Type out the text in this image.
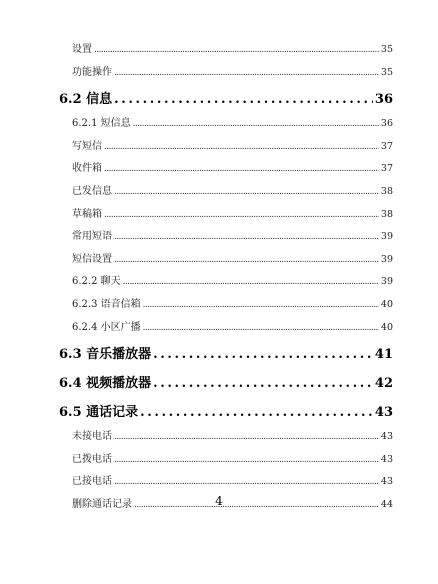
设置 .....	35
功能操作 .....	35
6.2 信息 .....	36
6.2.1 短信息 .....	36
写短信 .....	37
收件箱 .....	37
已发信息 .....	38
草稿箱 .....	38
常用短语 .....	39
短信设置 .....	39
6.2.2 聊天 .....	39
6.2.3 语音信箱 .....	40
6.2.4 小区广播 .....	40
6.3 音乐播放器 .....	41
6.4 视频播放器 .....	42
6.5 通话记录 .....	43
未接电话 .....	43
已拨电话 .....	43
已接电话 .....	43
删除通话记录 .....	44
4
